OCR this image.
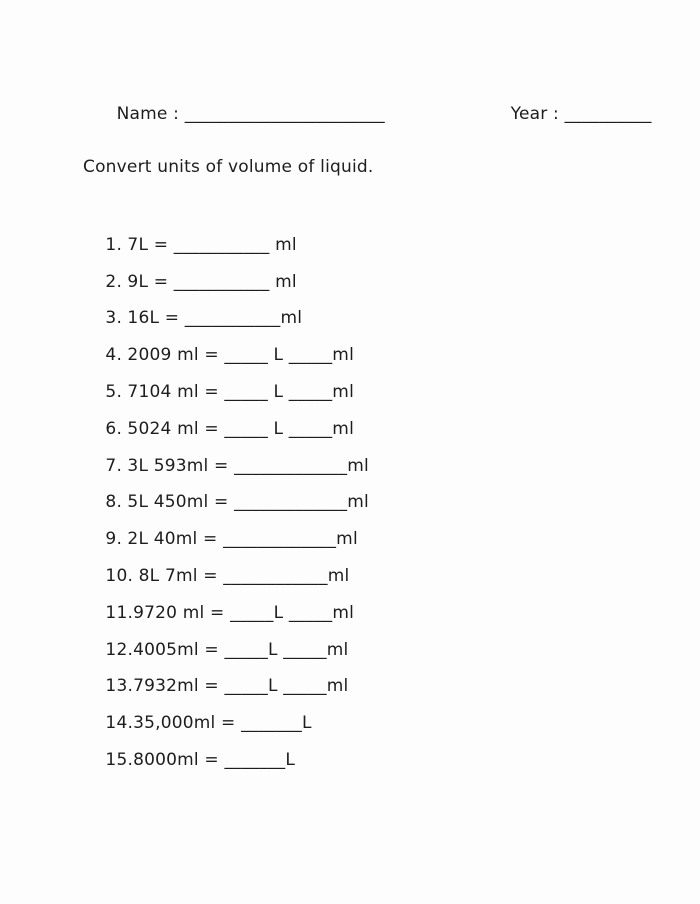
Name : _______________________
	Year : __________

Convert units of volume of liquid.

1. 7L = ___________ ml

2. 9L = ___________ ml

3. 16L = ___________ml

4. 2009 ml = _____ L _____ml

5. 7104 ml = _____ L _____ml

6. 5024 ml = _____ L _____ml

7. 3L 593ml = _____________ml

8. 5L 450ml = _____________ml

9. 2L 40ml = _____________ml

10. 8L 7ml = ____________ml

11.9720 ml = _____L _____ml

12.4005ml = _____L _____ml

13.7932ml = _____L _____ml

14.35,000ml = _______L

15.8000ml = _______L
